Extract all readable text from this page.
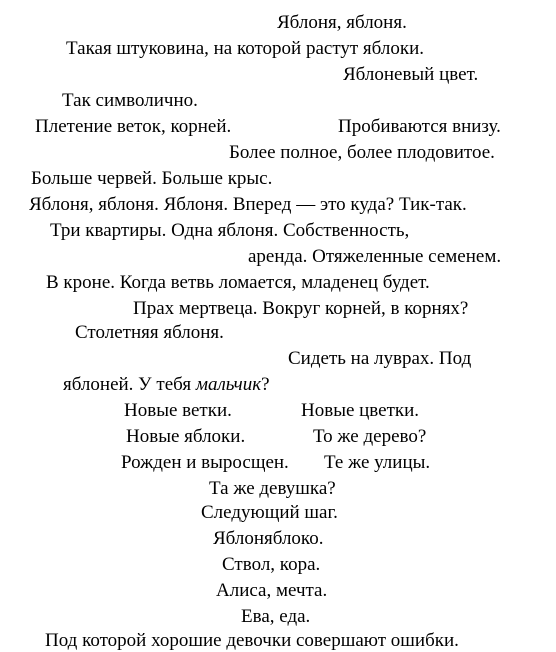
Яблоня, яблоня.
Такая штуковина, на которой растут яблоки.
Яблоневый цвет.
Так символично.
Плетение веток, корней.	Пробиваются внизу.
Более полное, более плодовитое.
Больше червей. Больше крыс.
Яблоня, яблоня. Яблоня. Вперед — это куда? Тик-так.
Три квартиры. Одна яблоня. Собственность,
аренда. Отяжеленные семенем.
В кроне. Когда ветвь ломается, младенец будет.
Прах мертвеца. Вокруг корней, в корнях?
Столетняя яблоня.
Сидеть на луврах. Под
яблоней. У тебя мальчик?
Новые ветки.	Новые цветки.
Новые яблоки.	То же дерево?
Рожден и выросщен. Те же улицы.
Та же девушка?
Следующий шаг.
Яблоняблоко.
Ствол, кора.
Алиса, мечта.
Ева, еда.
Под которой хорошие девочки совершают ошибки.
